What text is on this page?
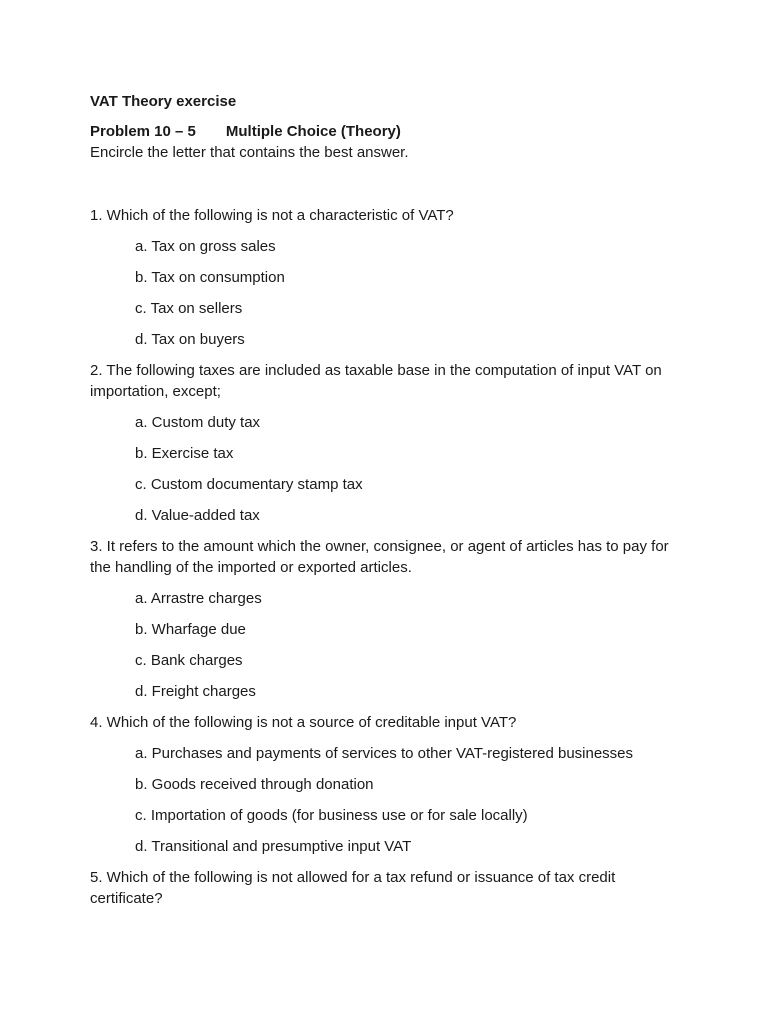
VAT Theory exercise
Problem 10 – 5 Multiple Choice (Theory)
Encircle the letter that contains the best answer.

1. Which of the following is not a characteristic of VAT?

a. Tax on gross sales
b. Tax on consumption
c. Tax on sellers
d. Tax on buyers

2. The following taxes are included as taxable base in the computation of input VAT on importation, except;

a. Custom duty tax
b. Exercise tax
c. Custom documentary stamp tax
d. Value-added tax

3. It refers to the amount which the owner, consignee, or agent of articles has to pay for the handling of the imported or exported articles.

a. Arrastre charges
b. Wharfage due
c. Bank charges
d. Freight charges

4. Which of the following is not a source of creditable input VAT?

a. Purchases and payments of services to other VAT-registered businesses
b. Goods received through donation
c. Importation of goods (for business use or for sale locally)
d. Transitional and presumptive input VAT

5. Which of the following is not allowed for a tax refund or issuance of tax credit certificate?
